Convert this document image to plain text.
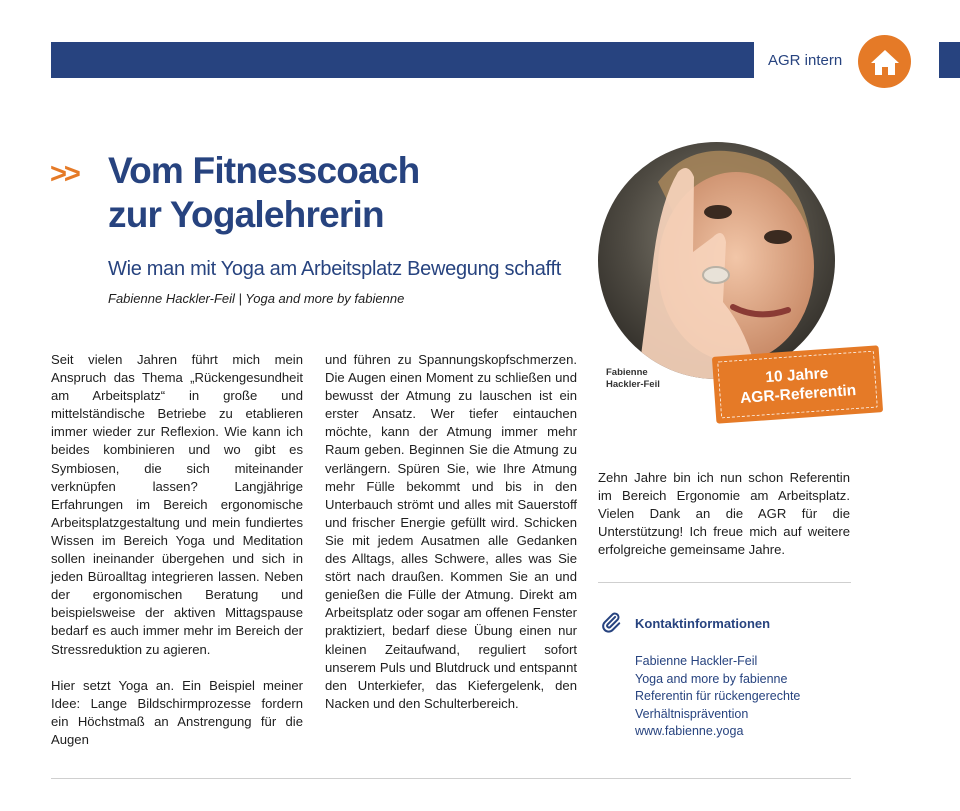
AGR intern
>> Vom Fitnesscoach
zur Yogalehrerin
Wie man mit Yoga am Arbeitsplatz Bewegung schafft
Fabienne Hackler-Feil | Yoga and more by fabienne

Seit vielen Jahren führt mich mein Anspruch das Thema „Rückengesundheit am Arbeitsplatz“ in große und mittelständische Betriebe zu etablieren immer wieder zur Reflexion. Wie kann ich beides kombinieren und wo gibt es Symbiosen, die sich miteinander verknüpfen lassen? Langjährige Erfahrungen im Bereich ergonomische Arbeitsplatzgestaltung und mein fundiertes Wissen im Bereich Yoga und Meditation sollen ineinander übergehen und sich in jeden Büroalltag integrieren lassen. Neben der ergonomischen Beratung und beispielsweise der aktiven Mittagspause bedarf es auch immer mehr im Bereich der Stressreduktion zu agieren.

Hier setzt Yoga an. Ein Beispiel meiner Idee: Lange Bildschirmprozesse fordern ein Höchstmaß an Anstrengung für die Augen

und führen zu Spannungskopfschmerzen. Die Augen einen Moment zu schließen und bewusst der Atmung zu lauschen ist ein erster Ansatz. Wer tiefer eintauchen möchte, kann der Atmung immer mehr Raum geben. Beginnen Sie die Atmung zu verlängern. Spüren Sie, wie Ihre Atmung mehr Fülle bekommt und bis in den Unterbauch strömt und alles mit Sauerstoff und frischer Energie gefüllt wird. Schicken Sie mit jedem Ausatmen alle Gedanken des Alltags, alles Schwere, alles was Sie stört nach draußen. Kommen Sie an und genießen die Fülle der Atmung. Direkt am Arbeitsplatz oder sogar am offenen Fenster praktiziert, bedarf diese Übung einen nur kleinen Zeitaufwand, reguliert sofort unserem Puls und Blutdruck und entspannt den Unterkiefer, das Kiefergelenk, den Nacken und den Schulterbereich.

Fabienne
Hackler-Feil	10 Jahre
AGR-Referentin

Zehn Jahre bin ich nun schon Referentin im Bereich Ergonomie am Arbeitsplatz. Vielen Dank an die AGR für die Unterstützung! Ich freue mich auf weitere erfolgreiche gemeinsame Jahre.

Kontaktinformationen
Fabienne Hackler-Feil
Yoga and more by fabienne
Referentin für rückengerechte
Verhältnisprävention
www.fabienne.yoga
